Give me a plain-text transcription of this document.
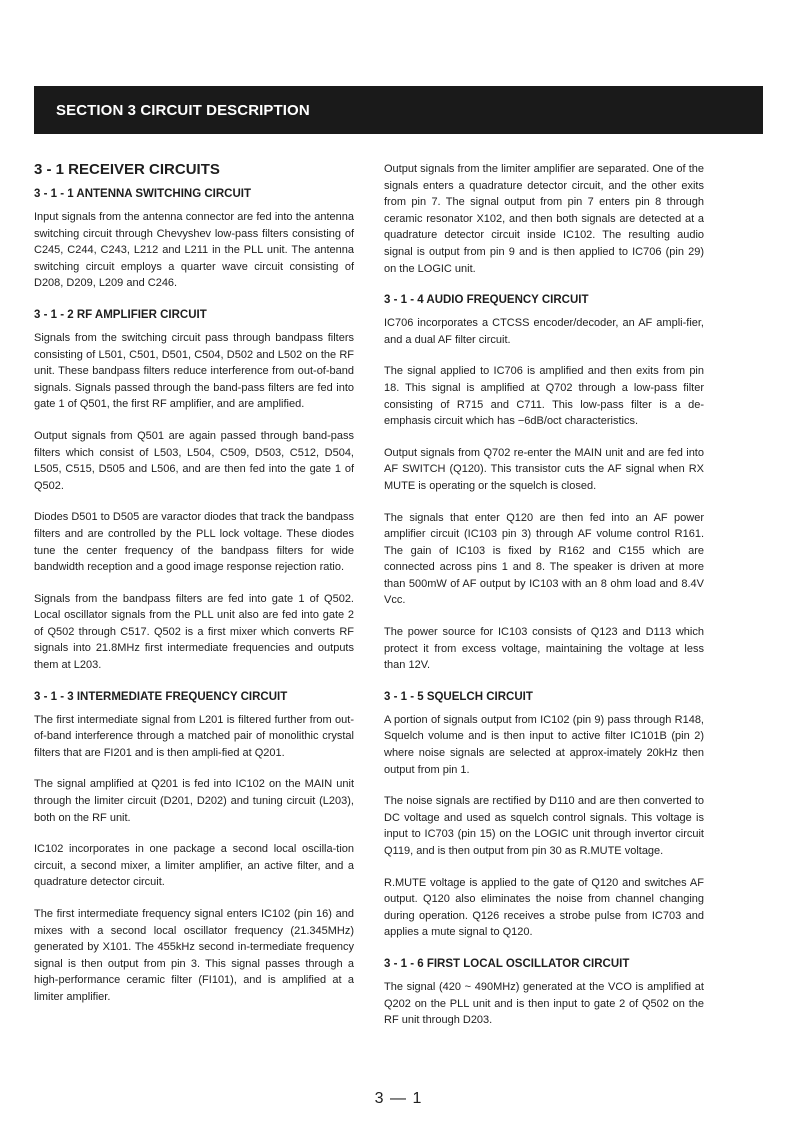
SECTION 3 CIRCUIT DESCRIPTION
3 - 1 RECEIVER CIRCUITS
3 - 1 - 1 ANTENNA SWITCHING CIRCUIT

Input signals from the antenna connector are fed into the antenna switching circuit through Chevyshev low-pass filters consisting of C245, C244, C243, L212 and L211 in the PLL unit. The antenna switching circuit employs a quarter wave circuit consisting of D208, D209, L209 and C246.

3 - 1 - 2 RF AMPLIFIER CIRCUIT

Signals from the switching circuit pass through bandpass filters consisting of L501, C501, D501, C504, D502 and L502 on the RF unit. These bandpass filters reduce interference from out-of-band signals. Signals passed through the band-pass filters are fed into gate 1 of Q501, the first RF amplifier, and are amplified.

Output signals from Q501 are again passed through band-pass filters which consist of L503, L504, C509, D503, C512, D504, L505, C515, D505 and L506, and are then fed into the gate 1 of Q502.

Diodes D501 to D505 are varactor diodes that track the bandpass filters and are controlled by the PLL lock voltage. These diodes tune the center frequency of the bandpass filters for wide bandwidth reception and a good image response rejection ratio.

Signals from the bandpass filters are fed into gate 1 of Q502. Local oscillator signals from the PLL unit also are fed into gate 2 of Q502 through C517. Q502 is a first mixer which converts RF signals into 21.8MHz first intermediate frequencies and outputs them at L203.

3 - 1 - 3 INTERMEDIATE FREQUENCY CIRCUIT

The first intermediate signal from L201 is filtered further from out-of-band interference through a matched pair of monolithic crystal filters that are FI201 and is then ampli-fied at Q201.

The signal amplified at Q201 is fed into IC102 on the MAIN unit through the limiter circuit (D201, D202) and tuning circuit (L203), both on the RF unit.

IC102 incorporates in one package a second local oscilla-tion circuit, a second mixer, a limiter amplifier, an active filter, and a quadrature detector circuit.

The first intermediate frequency signal enters IC102 (pin 16) and mixes with a second local oscillator frequency (21.345MHz) generated by X101. The 455kHz second in-termediate frequency signal is then output from pin 3. This signal passes through a high-performance ceramic filter (FI101), and is amplified at a limiter amplifier.

Output signals from the limiter amplifier are separated. One of the signals enters a quadrature detector circuit, and the other exits from pin 7. The signal output from pin 7 enters pin 8 through ceramic resonator X102, and then both signals are detected at a quadrature detector circuit inside IC102. The resulting audio signal is output from pin 9 and is then applied to IC706 (pin 29) on the LOGIC unit.

3 - 1 - 4 AUDIO FREQUENCY CIRCUIT

IC706 incorporates a CTCSS encoder/decoder, an AF ampli-fier, and a dual AF filter circuit.

The signal applied to IC706 is amplified and then exits from pin 18. This signal is amplified at Q702 through a low-pass filter consisting of R715 and C711. This low-pass filter is a de-emphasis circuit which has −6dB/oct characteristics.

Output signals from Q702 re-enter the MAIN unit and are fed into AF SWITCH (Q120). This transistor cuts the AF signal when RX MUTE is operating or the squelch is closed.

The signals that enter Q120 are then fed into an AF power amplifier circuit (IC103 pin 3) through AF volume control R161. The gain of IC103 is fixed by R162 and C155 which are connected across pins 1 and 8. The speaker is driven at more than 500mW of AF output by IC103 with an 8 ohm load and 8.4V Vcc.

The power source for IC103 consists of Q123 and D113 which protect it from excess voltage, maintaining the voltage at less than 12V.

3 - 1 - 5 SQUELCH CIRCUIT

A portion of signals output from IC102 (pin 9) pass through R148, Squelch volume and is then input to active filter IC101B (pin 2) where noise signals are selected at approx-imately 20kHz then output from pin 1.

The noise signals are rectified by D110 and are then converted to DC voltage and used as squelch control signals. This voltage is input to IC703 (pin 15) on the LOGIC unit through invertor circuit Q119, and is then output from pin 30 as R.MUTE voltage.

R.MUTE voltage is applied to the gate of Q120 and switches AF output. Q120 also eliminates the noise from channel changing during operation. Q126 receives a strobe pulse from IC703 and applies a mute signal to Q120.

3 - 1 - 6 FIRST LOCAL OSCILLATOR CIRCUIT

The signal (420 ~ 490MHz) generated at the VCO is amplified at Q202 on the PLL unit and is then input to gate 2 of Q502 on the RF unit through D203.

3 — 1
